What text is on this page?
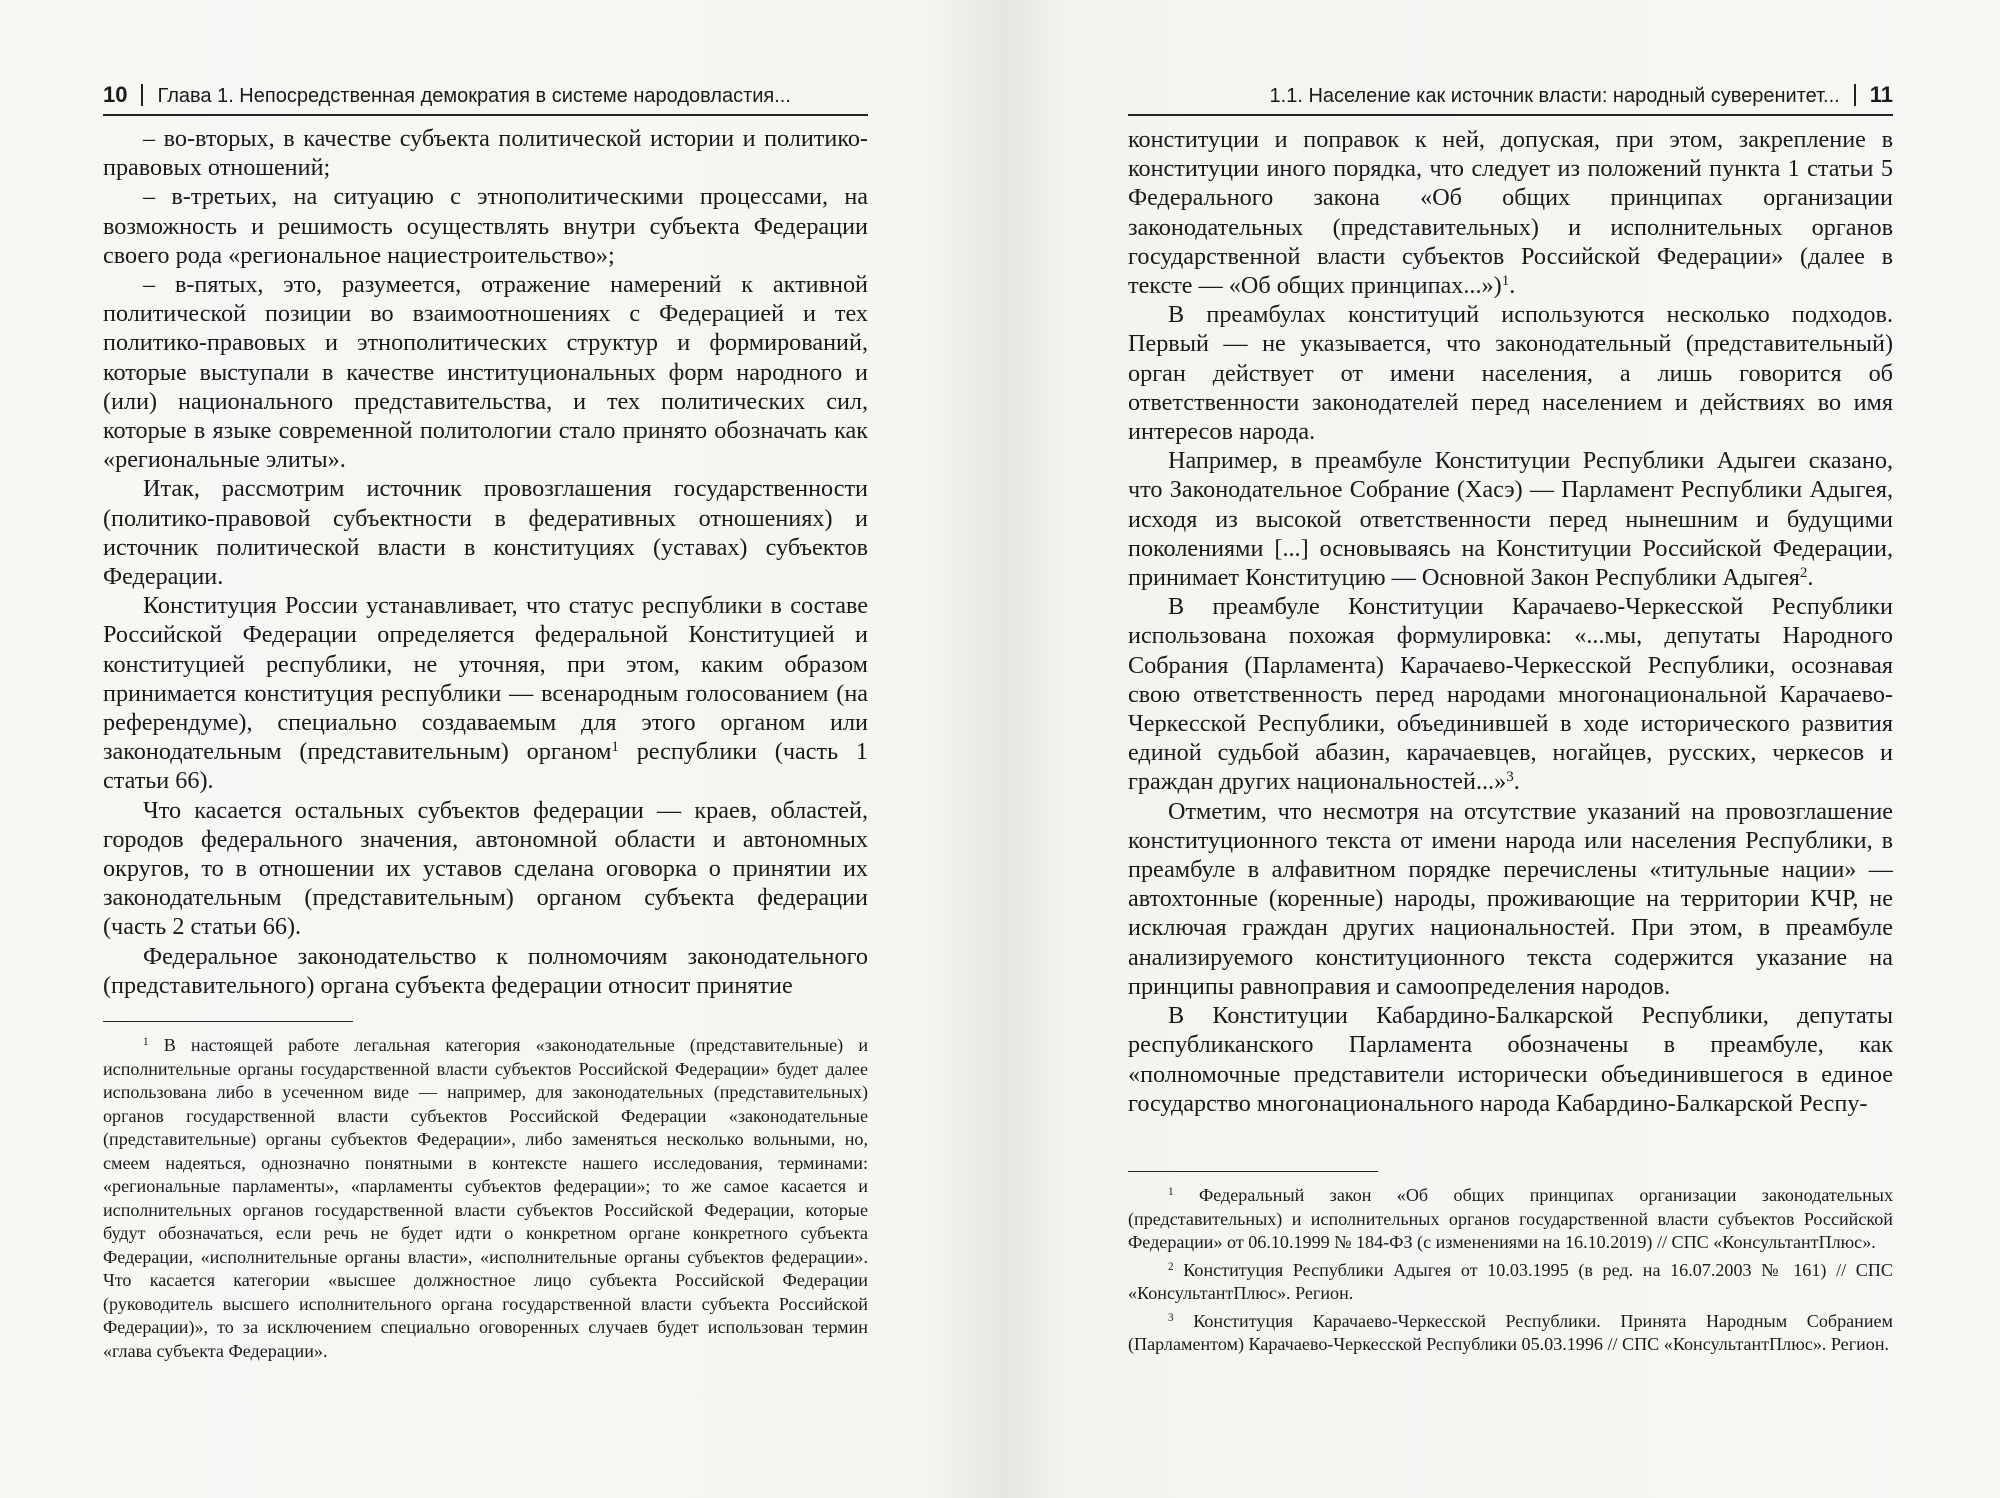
10 Глава 1. Непосредственная демократия в системе народовластия...

– во-вторых, в качестве субъекта политической истории и политико-правовых отношений;

– в-третьих, на ситуацию с этнополитическими процессами, на возможность и решимость осуществлять внутри субъекта Федерации своего рода «региональное нациестроительство»;

– в-пятых, это, разумеется, отражение намерений к активной политической позиции во взаимоотношениях с Федерацией и тех политико-правовых и этнополитических структур и формирований, которые выступали в качестве институциональных форм народного и (или) национального представительства, и тех политических сил, которые в языке современной политологии стало принято обозначать как «региональные элиты».

Итак, рассмотрим источник провозглашения государственности (политико-правовой субъектности в федеративных отношениях) и источник политической власти в конституциях (уставах) субъектов Федерации.

Конституция России устанавливает, что статус республики в составе Российской Федерации определяется федеральной Конституцией и конституцией республики, не уточняя, при этом, каким образом принимается конституция республики — всенародным голосованием (на референдуме), специально создаваемым для этого органом или законодательным (представительным) органом$^1$ республики (часть 1 статьи 66).

Что касается остальных субъектов федерации — краев, областей, городов федерального значения, автономной области и автономных округов, то в отношении их уставов сделана оговорка о принятии их законодательным (представительным) органом субъекта федерации (часть 2 статьи 66).

Федеральное законодательство к полномочиям законодательного (представительного) органа субъекта федерации относит принятие

$^1$ В настоящей работе легальная категория «законодательные (представительные) и исполнительные органы государственной власти субъектов Российской Федерации» будет далее использована либо в усеченном виде — например, для законодательных (представительных) органов государственной власти субъектов Российской Федерации «законодательные (представительные) органы субъектов Федерации», либо заменяться несколько вольными, но, смеем надеяться, однозначно понятными в контексте нашего исследования, терминами: «региональные парламенты», «парламенты субъектов федерации»; то же самое касается и исполнительных органов государственной власти субъектов Российской Федерации, которые будут обозначаться, если речь не будет идти о конкретном органе конкретного субъекта Федерации, «исполнительные органы власти», «исполнительные органы субъектов федерации». Что касается категории «высшее должностное лицо субъекта Российской Федерации (руководитель высшего исполнительного органа государственной власти субъекта Российской Федерации)», то за исключением специально оговоренных случаев будет использован термин «глава субъекта Федерации».

1.1. Население как источник власти: народный суверенитет... 11

конституции и поправок к ней, допуская, при этом, закрепление в конституции иного порядка, что следует из положений пункта 1 статьи 5 Федерального закона «Об общих принципах организации законодательных (представительных) и исполнительных органов государственной власти субъектов Российской Федерации» (далее в тексте — «Об общих принципах...»)$^1$.

В преамбулах конституций используются несколько подходов. Первый — не указывается, что законодательный (представительный) орган действует от имени населения, а лишь говорится об ответственности законодателей перед населением и действиях во имя интересов народа.

Например, в преамбуле Конституции Республики Адыгеи сказано, что Законодательное Собрание (Хасэ) — Парламент Республики Адыгея, исходя из высокой ответственности перед нынешним и будущими поколениями [...] основываясь на Конституции Российской Федерации, принимает Конституцию — Основной Закон Республики Адыгея$^2$.

В преамбуле Конституции Карачаево-Черкесской Республики использована похожая формулировка: «...мы, депутаты Народного Собрания (Парламента) Карачаево-Черкесской Республики, осознавая свою ответственность перед народами многонациональной Карачаево-Черкесской Республики, объединившей в ходе исторического развития единой судьбой абазин, карачаевцев, ногайцев, русских, черкесов и граждан других национальностей...»$^3$.

Отметим, что несмотря на отсутствие указаний на провозглашение конституционного текста от имени народа или населения Республики, в преамбуле в алфавитном порядке перечислены «титульные нации» — автохтонные (коренные) народы, проживающие на территории КЧР, не исключая граждан других национальностей. При этом, в преамбуле анализируемого конституционного текста содержится указание на принципы равноправия и самоопределения народов.

В Конституции Кабардино-Балкарской Республики, депутаты республиканского Парламента обозначены в преамбуле, как «полномочные представители исторически объединившегося в единое государство многонационального народа Кабардино-Балкарской Респу-

$^1$ Федеральный закон «Об общих принципах организации законодательных (представительных) и исполнительных органов государственной власти субъектов Российской Федерации» от 06.10.1999 № 184-ФЗ (с изменениями на 16.10.2019) // СПС «КонсультантПлюс».

$^2$ Конституция Республики Адыгея от 10.03.1995 (в ред. на 16.07.2003 № 161) // СПС «КонсультантПлюс». Регион.

$^3$ Конституция Карачаево-Черкесской Республики. Принята Народным Собранием (Парламентом) Карачаево-Черкесской Республики 05.03.1996 // СПС «КонсультантПлюс». Регион.
